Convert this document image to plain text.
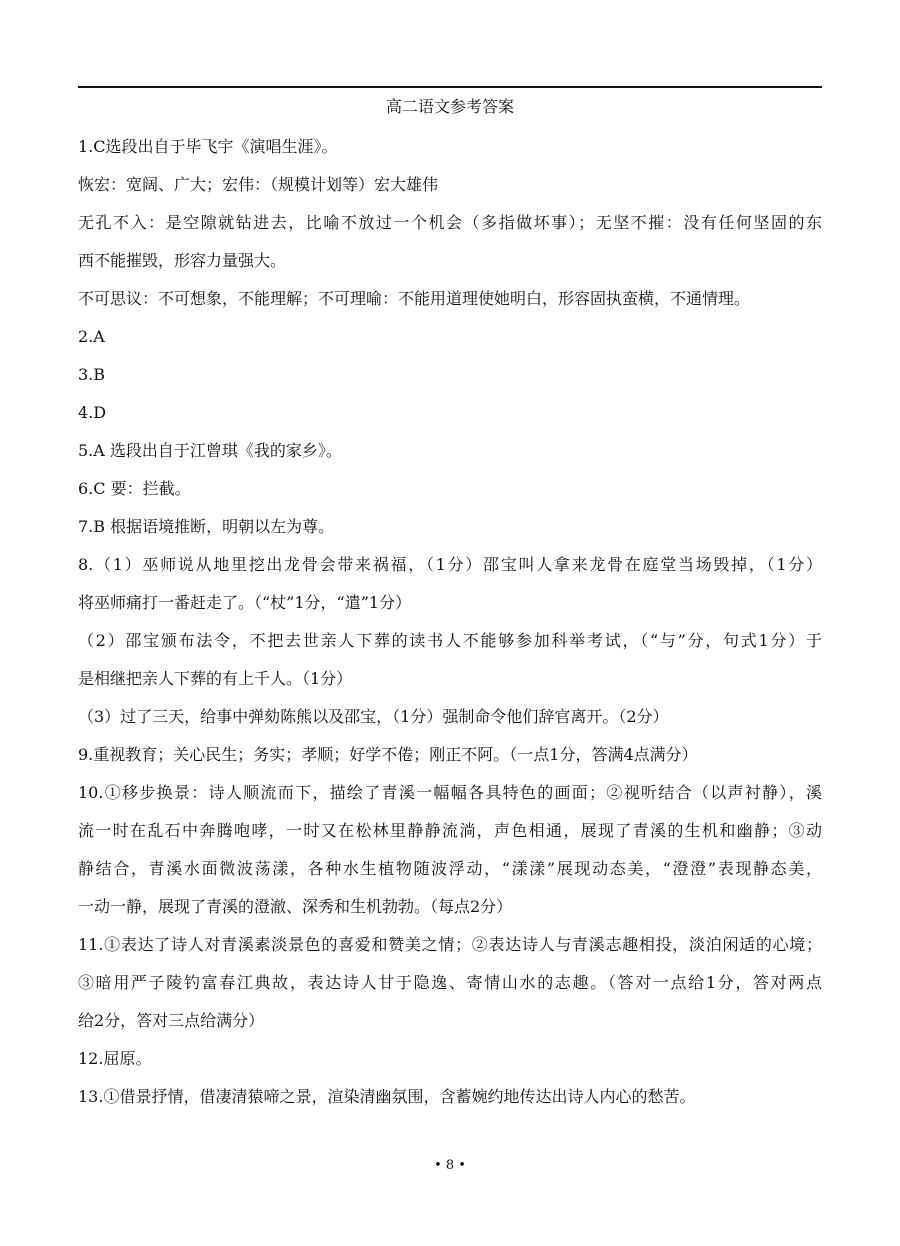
高二语文参考答案
1.C选段出自于毕飞宇《演唱生涯》。
恢宏：宽阔、广大；宏伟：（规模计划等）宏大雄伟
无孔不入：是空隙就钻进去，比喻不放过一个机会（多指做坏事）；无坚不摧：没有任何坚固的东
西不能摧毁，形容力量强大。
不可思议：不可想象，不能理解；不可理喻：不能用道理使她明白，形容固执蛮横，不通情理。
2.A
3.B
4.D
5.A 选段出自于江曾琪《我的家乡》。
6.C 要：拦截。
7.B 根据语境推断，明朝以左为尊。
8.（1）巫师说从地里挖出龙骨会带来祸福，（1分）邵宝叫人拿来龙骨在庭堂当场毁掉，（1分）
将巫师痛打一番赶走了。（“杖”1分，“遣”1分）
（2）邵宝颁布法令，不把去世亲人下葬的读书人不能够参加科举考试，（“与”分，句式1分）于
是相继把亲人下葬的有上千人。（1分）
（3）过了三天，给事中弹劾陈熊以及邵宝，（1分）强制命令他们辞官离开。（2分）
9.重视教育；关心民生；务实；孝顺；好学不倦；刚正不阿。（一点1分，答满4点满分）
10.①移步换景：诗人顺流而下，描绘了青溪一幅幅各具特色的画面；②视听结合（以声衬静），溪
流一时在乱石中奔腾咆哮，一时又在松林里静静流淌，声色相通，展现了青溪的生机和幽静；③动
静结合，青溪水面微波荡漾，各种水生植物随波浮动，“漾漾”展现动态美，“澄澄”表现静态美，
一动一静，展现了青溪的澄澈、深秀和生机勃勃。（每点2分）
11.①表达了诗人对青溪素淡景色的喜爱和赞美之情；②表达诗人与青溪志趣相投，淡泊闲适的心境；
③暗用严子陵钓富春江典故，表达诗人甘于隐逸、寄情山水的志趣。（答对一点给1分，答对两点
给2分，答对三点给满分）
12.屈原。
13.①借景抒情，借凄清猿啼之景，渲染清幽氛围，含蓄婉约地传达出诗人内心的愁苦。
• 8 •
